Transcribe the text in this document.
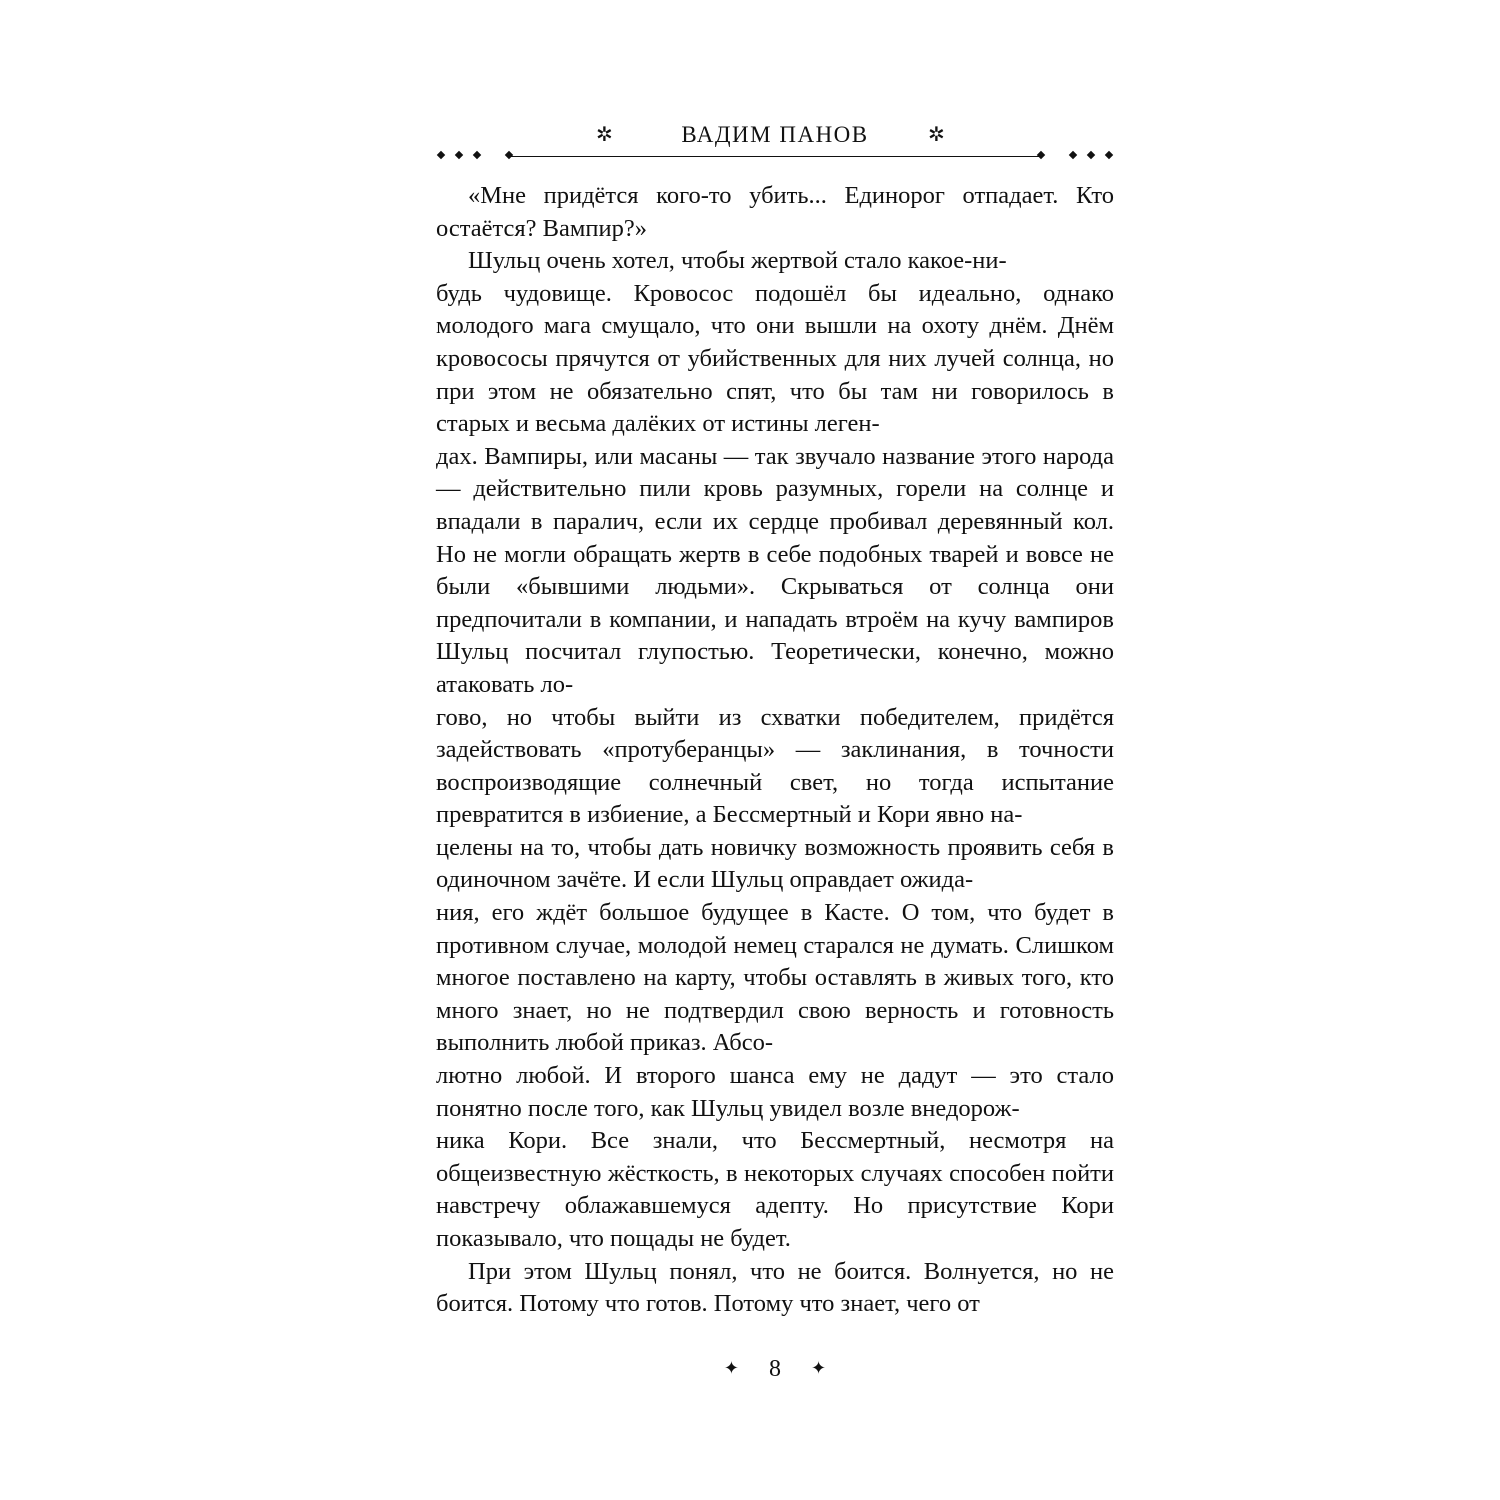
✲	ВАДИМ ПАНОВ	✲

«Мне придётся кого-то убить... Единорог отпадает. Кто остаётся? Вампир?»

Шульц очень хотел, чтобы жертвой стало какое-ни-
будь чудовище. Кровосос подошёл бы идеально, однако молодого мага смущало, что они вышли на охоту днём. Днём кровососы прячутся от убийственных для них лучей солнца, но при этом не обязательно спят, что бы там ни говорилось в старых и весьма далёких от истины леген-
дах. Вампиры, или масаны — так звучало название этого народа — действительно пили кровь разумных, горели на солнце и впадали в паралич, если их сердце пробивал деревянный кол. Но не могли обращать жертв в себе подобных тварей и вовсе не были «бывшими людьми». Скрываться от солнца они предпочитали в компании, и нападать втроём на кучу вампиров Шульц посчитал глупостью. Теоретически, конечно, можно атаковать ло-
гово, но чтобы выйти из схватки победителем, придётся задействовать «протуберанцы» — заклинания, в точности воспроизводящие солнечный свет, но тогда испытание превратится в избиение, а Бессмертный и Кори явно на-
целены на то, чтобы дать новичку возможность проявить себя в одиночном зачёте. И если Шульц оправдает ожида-
ния, его ждёт большое будущее в Касте. О том, что будет в противном случае, молодой немец старался не думать. Слишком многое поставлено на карту, чтобы оставлять в живых того, кто много знает, но не подтвердил свою верность и готовность выполнить любой приказ. Абсо-
лютно любой. И второго шанса ему не дадут — это стало понятно после того, как Шульц увидел возле внедорож-
ника Кори. Все знали, что Бессмертный, несмотря на общеизвестную жёсткость, в некоторых случаях способен пойти навстречу облажавшемуся адепту. Но присутствие Кори показывало, что пощады не будет.

При этом Шульц понял, что не боится. Волнуется, но не боится. Потому что готов. Потому что знает, чего от

✦ 8 ✦
